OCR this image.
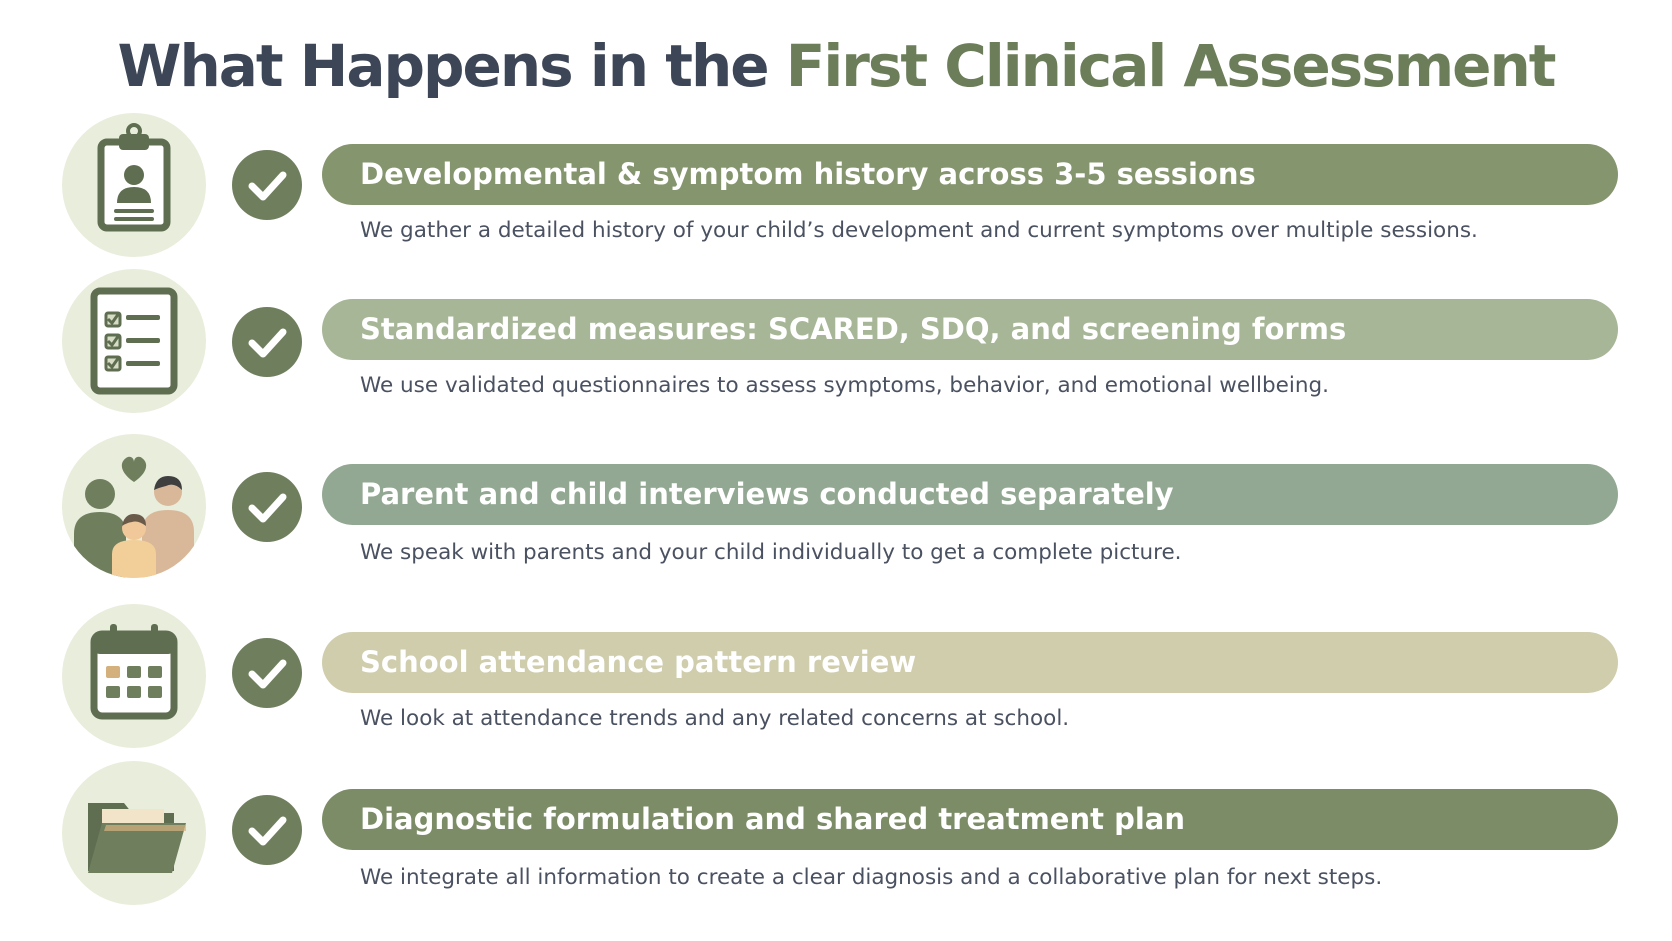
What Happens in the First Clinical Assessment
Developmental & symptom history across 3-5 sessions
We gather a detailed history of your child’s development and current symptoms over multiple sessions.
Standardized measures: SCARED, SDQ, and screening forms
We use validated questionnaires to assess symptoms, behavior, and emotional wellbeing.
Parent and child interviews conducted separately
We speak with parents and your child individually to get a complete picture.
School attendance pattern review
We look at attendance trends and any related concerns at school.
Diagnostic formulation and shared treatment plan
We integrate all information to create a clear diagnosis and a collaborative plan for next steps.
